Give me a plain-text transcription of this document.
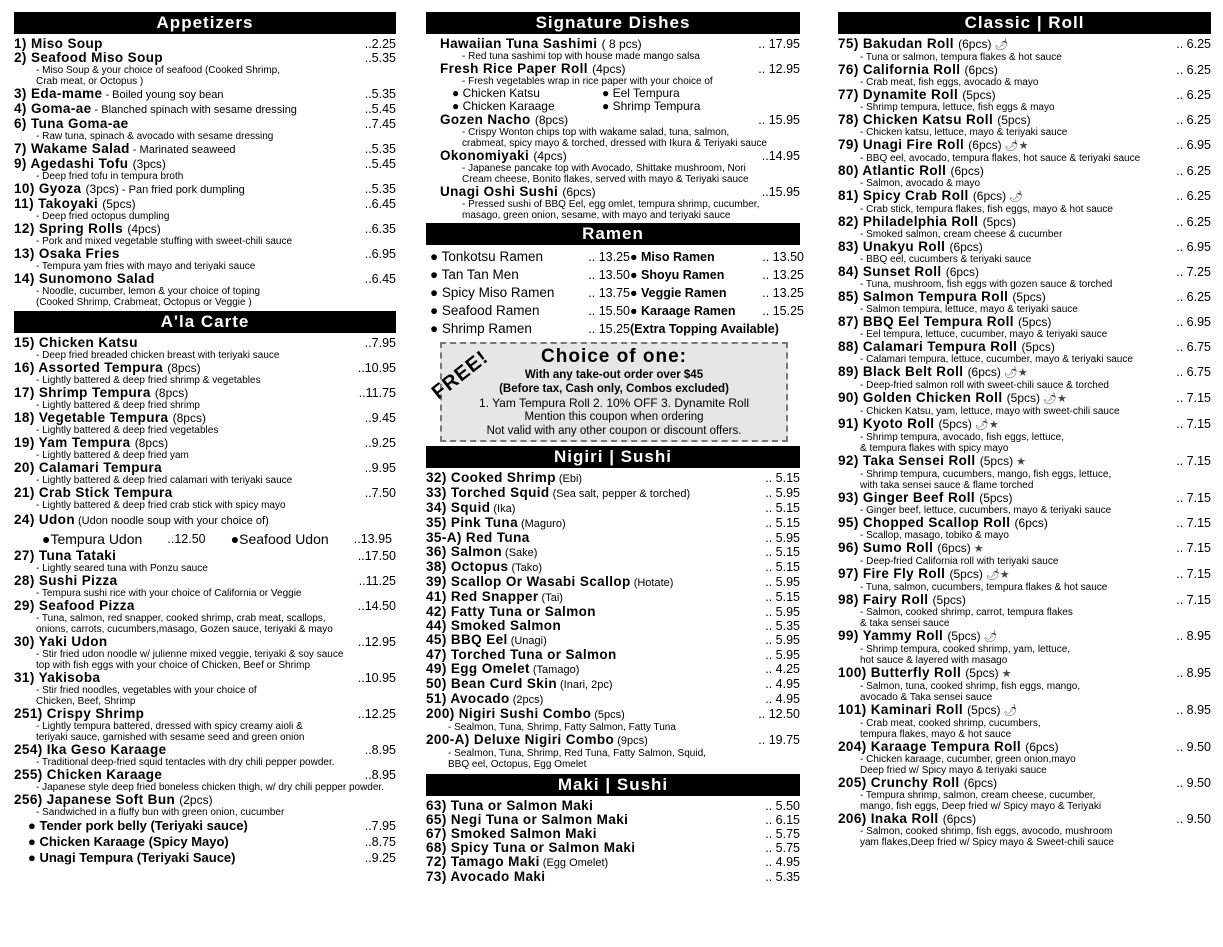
Appetizers
1) Miso Soup	..2.25
2) Seafood Miso Soup	..5.35
- Miso Soup & your choice of seafood (Cooked Shrimp,
Crab meat, or Octopus )
3) Eda-mame - Boiled young soy bean	..5.35
4) Goma-ae - Blanched spinach with sesame dressing	..5.45
6) Tuna Goma-ae	..7.45
- Raw tuna, spinach & avocado with sesame dressing
7) Wakame Salad - Marinated seaweed	..5.35
9) Agedashi Tofu (3pcs)	..5.45
- Deep fried tofu in tempura broth
10) Gyoza (3pcs) - Pan fried pork dumpling	..5.35
11) Takoyaki (5pcs)	..6.45
- Deep fried octopus dumpling
12) Spring Rolls (4pcs)	..6.35
- Pork and mixed vegetable stuffing with sweet-chili sauce
13) Osaka Fries	..6.95
- Tempura yam fries with mayo and teriyaki sauce
14) Sunomono Salad	..6.45
- Noodle, cucumber, lemon & your choice of toping
(Cooked Shrimp, Crabmeat, Octopus or Veggie )
A'la Carte
15) Chicken Katsu	..7.95
- Deep fried breaded chicken breast with teriyaki sauce
16) Assorted Tempura (8pcs)	..10.95
- Lightly battered & deep fried shrimp & vegetables
17) Shrimp Tempura (8pcs)	..11.75
- Lightly battered & deep fried shrimp
18) Vegetable Tempura (8pcs)	..9.45
- Lightly battered & deep fried vegetables
19) Yam Tempura (8pcs)	..9.25
- Lightly battered & deep fried yam
20) Calamari Tempura	..9.95
- Lightly battered & deep fried calamari with teriyaki sauce
21) Crab Stick Tempura	..7.50
- Lightly battered & deep fried crab stick with spicy mayo
24) Udon (Udon noodle soup with your choice of)
●Tempura Udon ..12.50 ●Seafood Udon ..13.95
27) Tuna Tataki	..17.50
- Lightly seared tuna with Ponzu sauce
28) Sushi Pizza	..11.25
- Tempura sushi rice with your choice of California or Veggie
29) Seafood Pizza	..14.50
- Tuna, salmon, red snapper, cooked shrimp, crab meat, scallops,
onions, carrots, cucumbers,masago, Gozen sauce, teriyaki & mayo
30) Yaki Udon	..12.95
- Stir fried udon noodle w/ julienne mixed veggie, teriyaki & soy sauce
top with fish eggs with your choice of Chicken, Beef or Shrimp
31) Yakisoba	..10.95
- Stir fried noodles, vegetables with your choice of
Chicken, Beef, Shrimp
251) Crispy Shrimp	..12.25
- Lightly tempura battered, dressed with spicy creamy aioli &
teriyaki sauce, garnished with sesame seed and green onion
254) Ika Geso Karaage	..8.95
- Traditional deep-fried squid tentacles with dry chili pepper powder.
255) Chicken Karaage	..8.95
- Japanese style deep fried boneless chicken thigh, w/ dry chili pepper powder.
256) Japanese Soft Bun (2pcs)
- Sandwiched in a fluffy bun with green onion, cucumber
● Tender pork belly (Teriyaki sauce)	..7.95
● Chicken Karaage (Spicy Mayo)	..8.75
● Unagi Tempura (Teriyaki Sauce)	..9.25
Signature Dishes
Hawaiian Tuna Sashimi ( 8 pcs)	.. 17.95
- Red tuna sashimi top with house made mango salsa
Fresh Rice Paper Roll (4pcs)	.. 12.95
- Fresh vegetables wrap in rice paper with your choice of
● Chicken Katsu	● Eel Tempura
● Chicken Karaage	● Shrimp Tempura
Gozen Nacho (8pcs)	.. 15.95
- Crispy Wonton chips top with wakame salad, tuna, salmon,
crabmeat, spicy mayo & torched, dressed with Ikura & Teriyaki sauce
Okonomiyaki (4pcs)	..14.95
- Japanese pancake top with Avocado, Shittake mushroom, Nori
Cream cheese, Bonito flakes, served with mayo & Teriyaki sauce
Unagi Oshi Sushi (6pcs)	..15.95
- Pressed sushi of BBQ Eel, egg omlet, tempura shrimp, cucumber,
masago, green onion, sesame, with mayo and teriyaki sauce
Ramen
● Tonkotsu Ramen	.. 13.25 ● Miso Ramen	.. 13.50
● Tan Tan Men	.. 13.50 ● Shoyu Ramen	.. 13.25
● Spicy Miso Ramen	.. 13.75 ● Veggie Ramen	.. 13.25
● Seafood Ramen	.. 15.50 ● Karaage Ramen	.. 15.25
● Shrimp Ramen	.. 15.25 (Extra Topping Available)
FREE!	Choice of one:
With any take-out order over $45
(Before tax, Cash only, Combos excluded)
1. Yam Tempura Roll 2. 10% OFF 3. Dynamite Roll
Mention this coupon when ordering
Not valid with any other coupon or discount offers.
Nigiri | Sushi
32) Cooked Shrimp (Ebi)	.. 5.15
33) Torched Squid (Sea salt, pepper & torched)	.. 5.95
34) Squid (Ika)	.. 5.15
35) Pink Tuna (Maguro)	.. 5.15
35-A) Red Tuna	.. 5.95
36) Salmon (Sake)	.. 5.15
38) Octopus (Tako)	.. 5.15
39) Scallop Or Wasabi Scallop (Hotate)	.. 5.95
41) Red Snapper (Tai)	.. 5.15
42) Fatty Tuna or Salmon	.. 5.95
44) Smoked Salmon	.. 5.35
45) BBQ Eel (Unagi)	.. 5.95
47) Torched Tuna or Salmon	.. 5.95
49) Egg Omelet (Tamago)	.. 4.25
50) Bean Curd Skin (Inari, 2pc)	.. 4.95
51) Avocado (2pcs)	.. 4.95
200) Nigiri Sushi Combo (5pcs)	.. 12.50
- Sealmon, Tuna, Shrimp, Fatty Salmon, Fatty Tuna
200-A) Deluxe Nigiri Combo (9pcs)	.. 19.75
- Sealmon, Tuna, Shrimp, Red Tuna, Fatty Salmon, Squid,
BBQ eel, Octopus, Egg Omelet
Maki | Sushi
63) Tuna or Salmon Maki	.. 5.50
65) Negi Tuna or Salmon Maki	.. 6.15
67) Smoked Salmon Maki	.. 5.75
68) Spicy Tuna or Salmon Maki	.. 5.75
72) Tamago Maki (Egg Omelet)	.. 4.95
73) Avocado Maki	.. 5.35
Classic | Roll
75) Bakudan Roll (6pcs) 🌶	.. 6.25
- Tuna or salmon, tempura flakes & hot sauce
76) California Roll (6pcs)	.. 6.25
- Crab meat, fish eggs, avocado & mayo
77) Dynamite Roll (5pcs)	.. 6.25
- Shrimp tempura, lettuce, fish eggs & mayo
78) Chicken Katsu Roll (5pcs)	.. 6.25
- Chicken katsu, lettuce, mayo & teriyaki sauce
79) Unagi Fire Roll (6pcs) 🌶★	.. 6.95
- BBQ eel, avocado, tempura flakes, hot sauce & teriyaki sauce
80) Atlantic Roll (6pcs)	.. 6.25
- Salmon, avocado & mayo
81) Spicy Crab Roll (6pcs) 🌶	.. 6.25
- Crab stick, tempura flakes, fish eggs, mayo & hot sauce
82) Philadelphia Roll (5pcs)	.. 6.25
- Smoked salmon, cream cheese & cucumber
83) Unakyu Roll (6pcs)	.. 6.95
- BBQ eel, cucumbers & teriyaki sauce
84) Sunset Roll (6pcs)	.. 7.25
- Tuna, mushroom, fish eggs with gozen sauce & torched
85) Salmon Tempura Roll (5pcs)	.. 6.25
- Salmon tempura, lettuce, mayo & teriyaki sauce
87) BBQ Eel Tempura Roll (5pcs)	.. 6.95
- Eel tempura, lettuce, cucumber, mayo & teriyaki sauce
88) Calamari Tempura Roll (5pcs)	.. 6.75
- Calamari tempura, lettuce, cucumber, mayo & teriyaki sauce
89) Black Belt Roll (6pcs) 🌶★	.. 6.75
- Deep-fried salmon roll with sweet-chili sauce & torched
90) Golden Chicken Roll (5pcs) 🌶★	.. 7.15
- Chicken Katsu, yam, lettuce, mayo with sweet-chili sauce
91) Kyoto Roll (5pcs) 🌶★	.. 7.15
- Shrimp tempura, avocado, fish eggs, lettuce,
& tempura flakes with spicy mayo
92) Taka Sensei Roll (5pcs) ★	.. 7.15
- Shrimp tempura, cucumbers, mango, fish eggs, lettuce,
with taka sensei sauce & flame torched
93) Ginger Beef Roll (5pcs)	.. 7.15
- Ginger beef, lettuce, cucumbers, mayo & teriyaki sauce
95) Chopped Scallop Roll (6pcs)	.. 7.15
- Scallop, masago, tobiko & mayo
96) Sumo Roll (6pcs) ★	.. 7.15
- Deep-fried California roll with teriyaki sauce
97) Fire Fly Roll (5pcs) 🌶★	.. 7.15
- Tuna, salmon, cucumbers, tempura flakes & hot sauce
98) Fairy Roll (5pcs)	.. 7.15
- Salmon, cooked shrimp, carrot, tempura flakes
& taka sensei sauce
99) Yammy Roll (5pcs) 🌶	.. 8.95
- Shrimp tempura, cooked shrimp, yam, lettuce,
hot sauce & layered with masago
100) Butterfly Roll (5pcs) ★	.. 8.95
- Salmon, tuna, cooked shrimp, fish eggs, mango,
avocado & Taka sensei sauce
101) Kaminari Roll (5pcs) 🌶	.. 8.95
- Crab meat, cooked shrimp, cucumbers,
tempura flakes, mayo & hot sauce
204) Karaage Tempura Roll (6pcs)	.. 9.50
- Chicken karaage, cucumber, green onion,mayo
Deep fried w/ Spicy mayo & teriyaki sauce
205) Crunchy Roll (6pcs)	.. 9.50
- Tempura shrimp, salmon, cream cheese, cucumber,
mango, fish eggs, Deep fried w/ Spicy mayo & Teriyaki
206) Inaka Roll (6pcs)	.. 9.50
- Salmon, cooked shrimp, fish eggs, avocodo, mushroom
yam flakes,Deep fried w/ Spicy mayo & Sweet-chili sauce
